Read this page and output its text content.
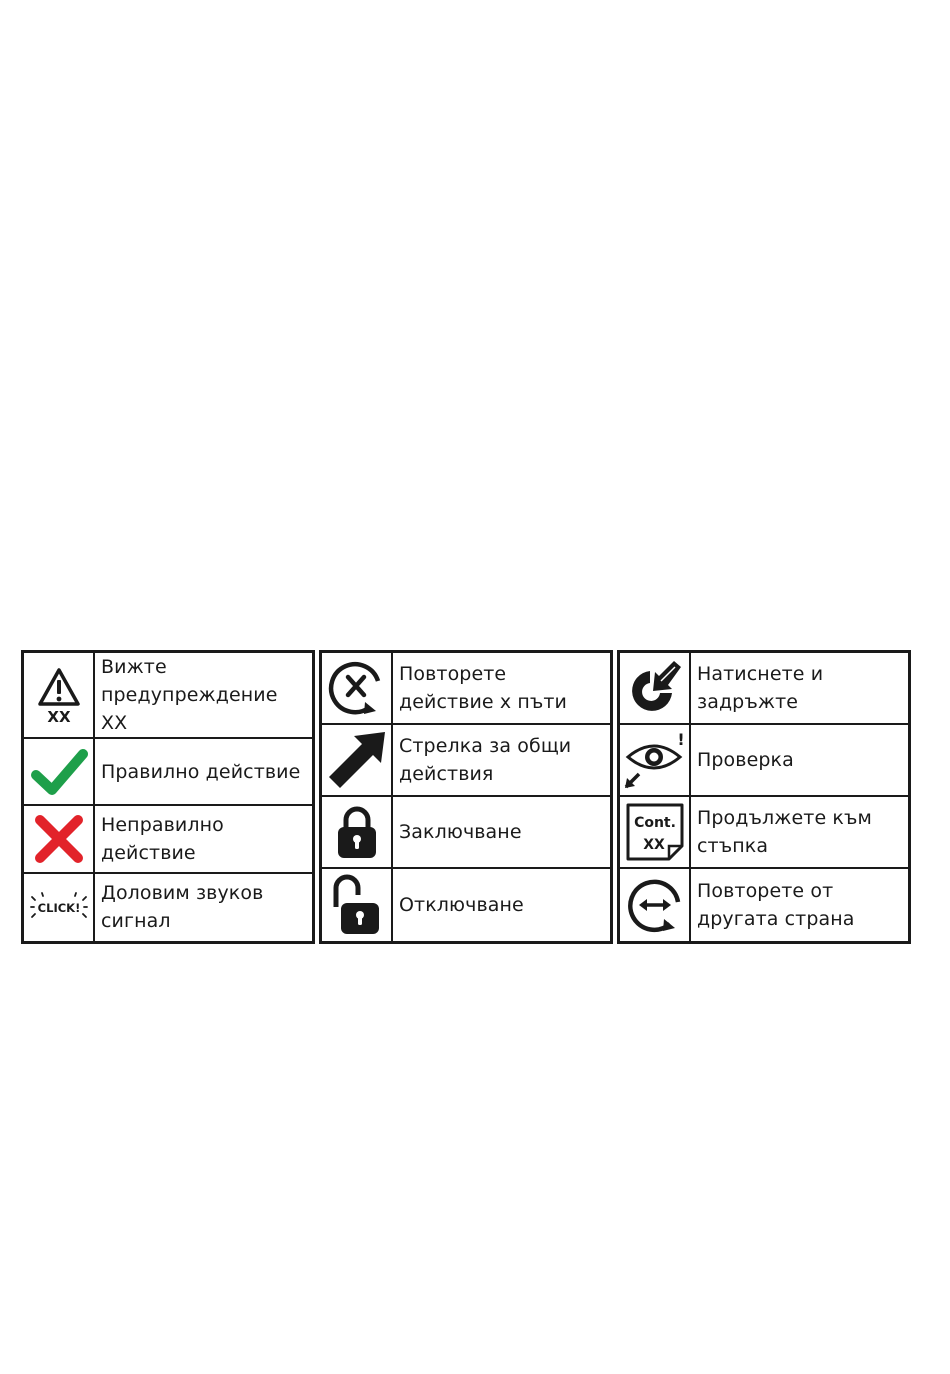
XX
Вижте предупреждение XX
Правилно действие
Неправилно действие
CLICK!
Доловим звуков сигнал
Повторете действие х пъти
Стрелка за общи действия
Заключване
Отключване
Натиснете и задръжте
!
Проверка
Cont.
XX
Продължете към стъпка
Повторете от другата страна
